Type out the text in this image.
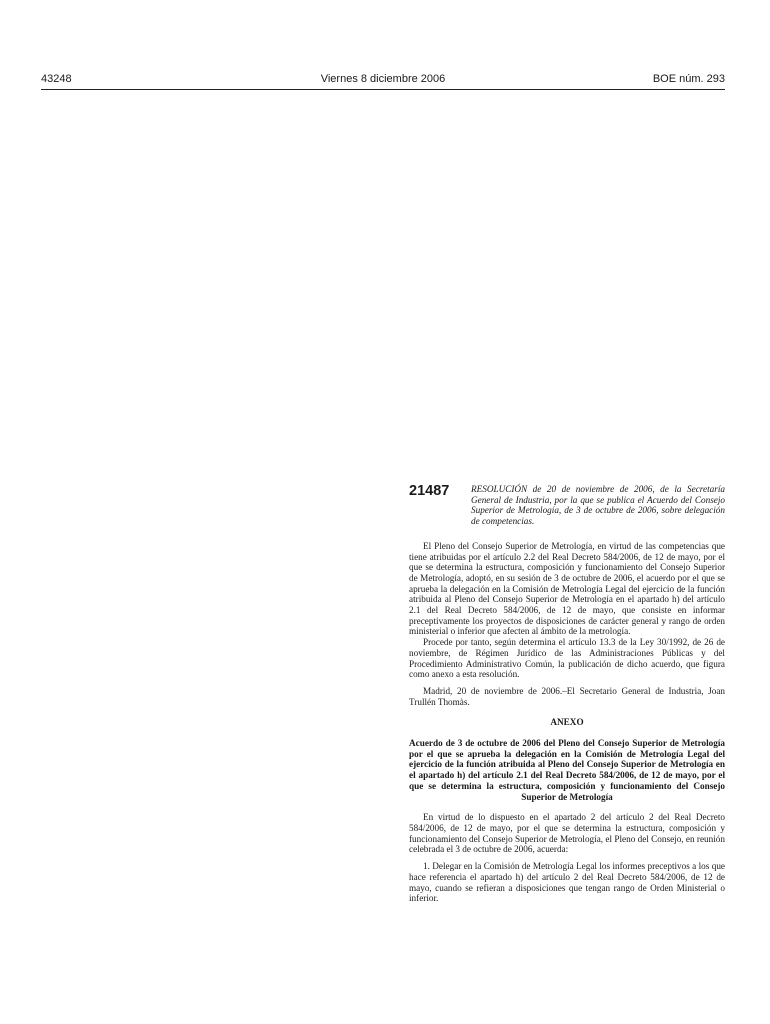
43248	Viernes 8 diciembre 2006	BOE núm. 293
21487	RESOLUCIÓN de 20 de noviembre de 2006, de la Secretaría General de Industria, por la que se publica el Acuerdo del Consejo Superior de Metrología, de 3 de octubre de 2006, sobre delegación de competencias.

El Pleno del Consejo Superior de Metrología, en virtud de las competencias que tiene atribuidas por el artículo 2.2 del Real Decreto 584/2006, de 12 de mayo, por el que se determina la estructura, composición y funcionamiento del Consejo Superior de Metrología, adoptó, en su sesión de 3 de octubre de 2006, el acuerdo por el que se aprueba la delegación en la Comisión de Metrología Legal del ejercicio de la función atribuida al Pleno del Consejo Superior de Metrología en el apartado h) del artículo 2.1 del Real Decreto 584/2006, de 12 de mayo, que consiste en informar preceptivamente los proyectos de disposiciones de carácter general y rango de orden ministerial o inferior que afecten al ámbito de la metrología.

Procede por tanto, según determina el artículo 13.3 de la Ley 30/1992, de 26 de noviembre, de Régimen Jurídico de las Administraciones Públicas y del Procedimiento Administrativo Común, la publicación de dicho acuerdo, que figura como anexo a esta resolución.

Madrid, 20 de noviembre de 2006.–El Secretario General de Industria, Joan Trullén Thomàs.

ANEXO
Acuerdo de 3 de octubre de 2006 del Pleno del Consejo Superior de Metrología por el que se aprueba la delegación en la Comisión de Metrología Legal del ejercicio de la función atribuida al Pleno del Consejo Superior de Metrología en el apartado h) del artículo 2.1 del Real Decreto 584/2006, de 12 de mayo, por el que se determina la estructura, composición y funcionamiento del Consejo Superior de Metrología

En virtud de lo dispuesto en el apartado 2 del artículo 2 del Real Decreto 584/2006, de 12 de mayo, por el que se determina la estructura, composición y funcionamiento del Consejo Superior de Metrología, el Pleno del Consejo, en reunión celebrada el 3 de octubre de 2006, acuerda:

1. Delegar en la Comisión de Metrología Legal los informes preceptivos a los que hace referencia el apartado h) del artículo 2 del Real Decreto 584/2006, de 12 de mayo, cuando se refieran a disposiciones que tengan rango de Orden Ministerial o inferior.
